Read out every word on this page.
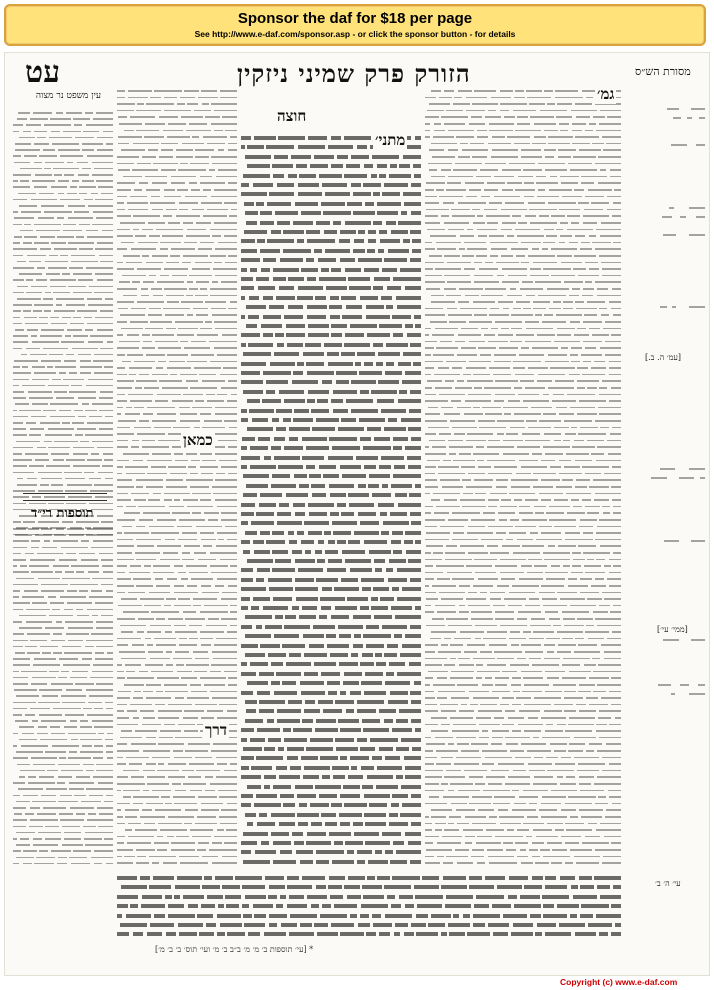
Sponsor the daf for $18 per page
See http://www.e-daf.com/sponsor.asp - or click the sponsor button - for details
עט	הזורק פרק שמיני ניזקין	מסורת הש״ס
עין משפט נר מצוה
תוספות רי״ד
מתני׳
כמאן
דרך
חוצה
גמ׳
[עמ׳ ה. ב.]
[ממי׳ עי׳]
עי׳ ה׳ ב׳
* [עי׳ תוספות ב׳ מ׳ מ׳ ב״ב ב׳ מ׳ ועי׳ תוס׳ ב׳ ב׳ מ׳]
Copyright (c) www.e-daf.com
